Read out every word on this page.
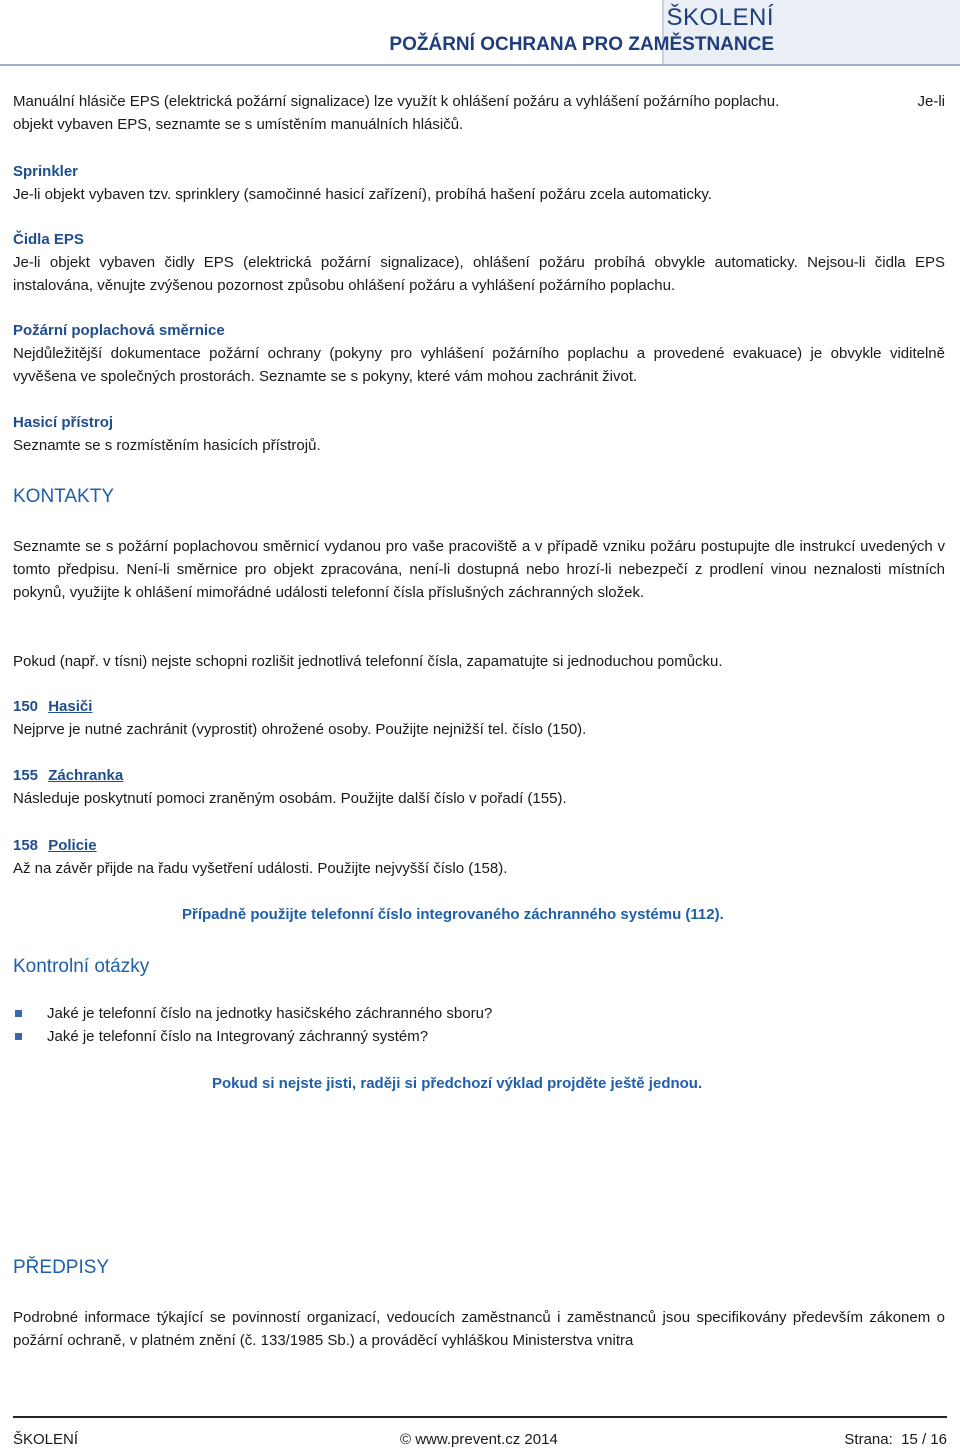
ŠKOLENÍ
POŽÁRNÍ OCHRANA PRO ZAMĚSTNANCE
Manuální hlásiče EPS (elektrická požární signalizace) lze využít k ohlášení požáru a vyhlášení požárního poplachu.	Je-li
objekt vybaven EPS, seznamte se s umístěním manuálních hlásičů.
Sprinkler
Je-li objekt vybaven tzv. sprinklery (samočinné hasicí zařízení), probíhá hašení požáru zcela automaticky.
Čidla EPS
Je-li objekt vybaven čidly EPS (elektrická požární signalizace), ohlášení požáru probíhá obvykle automaticky. Nejsou-li čidla EPS instalována, věnujte zvýšenou pozornost způsobu ohlášení požáru a vyhlášení požárního poplachu.
Požární poplachová směrnice
Nejdůležitější dokumentace požární ochrany (pokyny pro vyhlášení požárního poplachu a provedené evakuace) je obvykle viditelně vyvěšena ve společných prostorách. Seznamte se s pokyny, které vám mohou zachránit život.
Hasicí přístroj
Seznamte se s rozmístěním hasicích přístrojů.
KONTAKTY
Seznamte se s požární poplachovou směrnicí vydanou pro vaše pracoviště a v případě vzniku požáru postupujte dle instrukcí uvedených v tomto předpisu. Není-li směrnice pro objekt zpracována, není-li dostupná nebo hrozí-li nebezpečí z prodlení vinou neznalosti místních pokynů, využijte k ohlášení mimořádné události telefonní čísla příslušných záchranných složek.
Pokud (např. v tísni) nejste schopni rozlišit jednotlivá telefonní čísla, zapamatujte si jednoduchou pomůcku.
150 Hasiči
Nejprve je nutné zachránit (vyprostit) ohrožené osoby. Použijte nejnižší tel. číslo (150).
155 Záchranka
Následuje poskytnutí pomoci zraněným osobám. Použijte další číslo v pořadí (155).
158 Policie
Až na závěr přijde na řadu vyšetření události. Použijte nejvyšší číslo (158).
Případně použijte telefonní číslo integrovaného záchranného systému (112).
Kontrolní otázky
Jaké je telefonní číslo na jednotky hasičského záchranného sboru?
Jaké je telefonní číslo na Integrovaný záchranný systém?
Pokud si nejste jisti, raději si předchozí výklad projděte ještě jednou.
PŘEDPISY
Podrobné informace týkající se povinností organizací, vedoucích zaměstnanců i zaměstnanců jsou specifikovány především zákonem o požární ochraně, v platném znění (č. 133/1985 Sb.) a prováděcí vyhláškou Ministerstva vnitra
ŠKOLENÍ	© www.prevent.cz 2014	Strana:  15 / 16
